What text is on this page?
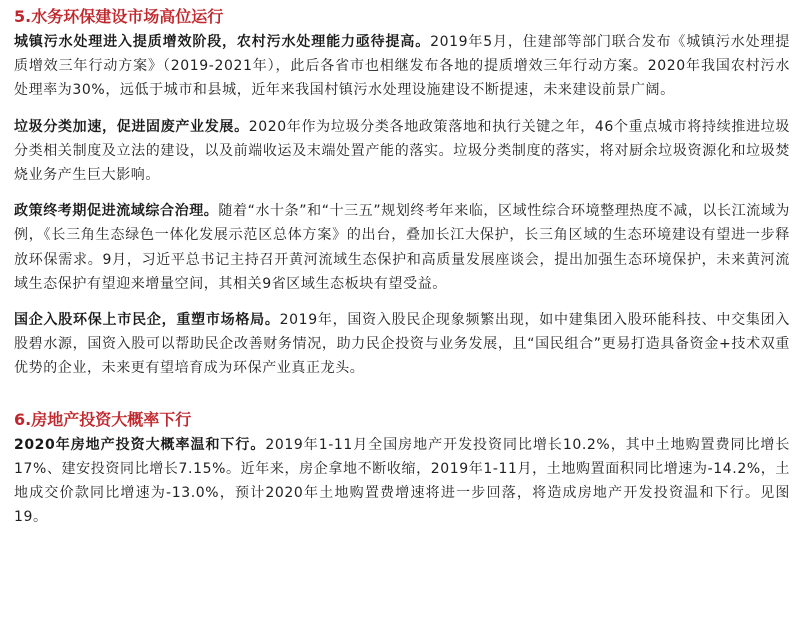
5.水务环保建设市场高位运行

城镇污水处理进入提质增效阶段，农村污水处理能力亟待提高。2019年5月，住建部等部门联合发布《城镇污水处理提质增效三年行动方案》（2019-2021年），此后各省市也相继发布各地的提质增效三年行动方案。2020年我国农村污水处理率为30%，远低于城市和县城，近年来我国村镇污水处理设施建设不断提速，未来建设前景广阔。

垃圾分类加速，促进固废产业发展。2020年作为垃圾分类各地政策落地和执行关键之年，46个重点城市将持续推进垃圾分类相关制度及立法的建设，以及前端收运及末端处置产能的落实。垃圾分类制度的落实，将对厨余垃圾资源化和垃圾焚烧业务产生巨大影响。

政策终考期促进流域综合治理。随着“水十条”和“十三五”规划终考年来临，区域性综合环境整理热度不减，以长江流域为例，《长三角生态绿色一体化发展示范区总体方案》的出台，叠加长江大保护，长三角区域的生态环境建设有望进一步释放环保需求。9月，习近平总书记主持召开黄河流域生态保护和高质量发展座谈会，提出加强生态环境保护，未来黄河流域生态保护有望迎来增量空间，其相关9省区域生态板块有望受益。

国企入股环保上市民企，重塑市场格局。2019年，国资入股民企现象频繁出现，如中建集团入股环能科技、中交集团入股碧水源，国资入股可以帮助民企改善财务情况，助力民企投资与业务发展，且“国民组合”更易打造具备资金+技术双重优势的企业，未来更有望培育成为环保产业真正龙头。

6.房地产投资大概率下行

2020年房地产投资大概率温和下行。2019年1-11月全国房地产开发投资同比增长10.2%，其中土地购置费同比增长17%、建安投资同比增长7.15%。近年来，房企拿地不断收缩，2019年1-11月，土地购置面积同比增速为-14.2%，土地成交价款同比增速为-13.0%，预计2020年土地购置费增速将进一步回落，将造成房地产开发投资温和下行。见图19。
